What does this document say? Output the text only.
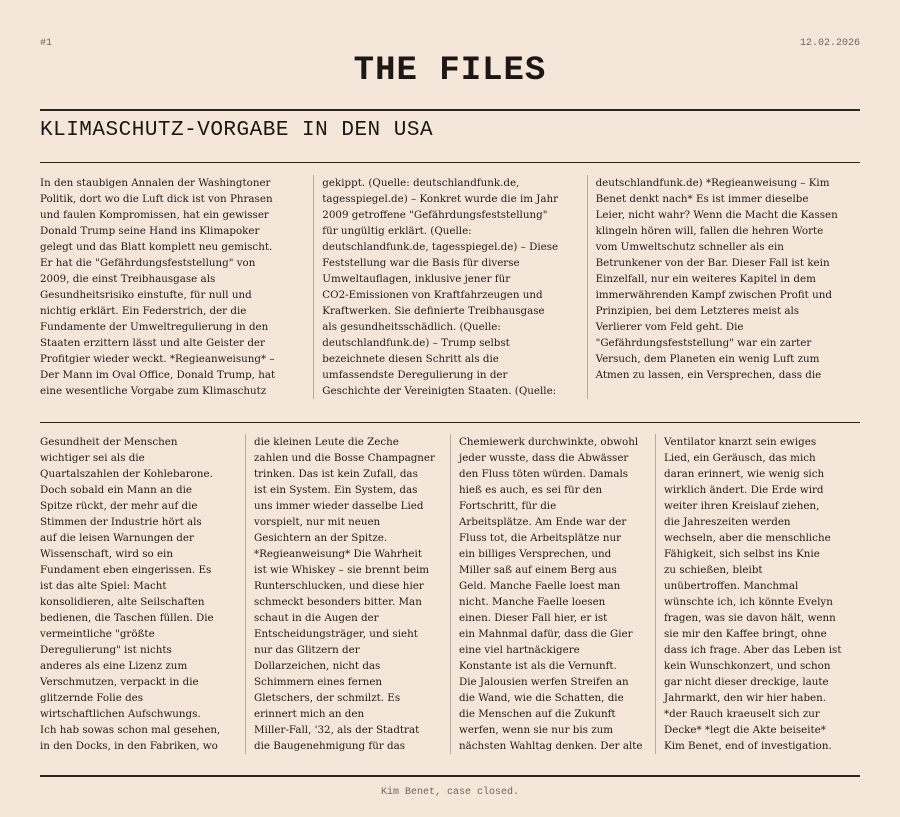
#1	12.02.2026
THE FILES
KLIMASCHUTZ-VORGABE IN DEN USA
In den staubigen Annalen der Washingtoner
Politik, dort wo die Luft dick ist von Phrasen
und faulen Kompromissen, hat ein gewisser
Donald Trump seine Hand ins Klimapoker
gelegt und das Blatt komplett neu gemischt.
Er hat die "Gefährdungsfeststellung" von
2009, die einst Treibhausgase als
Gesundheitsrisiko einstufte, für null und
nichtig erklärt. Ein Federstrich, der die
Fundamente der Umweltregulierung in den
Staaten erzittern lässt und alte Geister der
Profitgier wieder weckt. *Regieanweisung* –
Der Mann im Oval Office, Donald Trump, hat
eine wesentliche Vorgabe zum Klimaschutz
gekippt. (Quelle: deutschlandfunk.de,
tagesspiegel.de) – Konkret wurde die im Jahr
2009 getroffene "Gefährdungsfeststellung"
für ungültig erklärt. (Quelle:
deutschlandfunk.de, tagesspiegel.de) – Diese
Feststellung war die Basis für diverse
Umweltauflagen, inklusive jener für
CO2-Emissionen von Kraftfahrzeugen und
Kraftwerken. Sie definierte Treibhausgase
als gesundheitsschädlich. (Quelle:
deutschlandfunk.de) – Trump selbst
bezeichnete diesen Schritt als die
umfassendste Deregulierung in der
Geschichte der Vereinigten Staaten. (Quelle:
deutschlandfunk.de) *Regieanweisung – Kim
Benet denkt nach* Es ist immer dieselbe
Leier, nicht wahr? Wenn die Macht die Kassen
klingeln hören will, fallen die hehren Worte
vom Umweltschutz schneller als ein
Betrunkener von der Bar. Dieser Fall ist kein
Einzelfall, nur ein weiteres Kapitel in dem
immerwährenden Kampf zwischen Profit und
Prinzipien, bei dem Letzteres meist als
Verlierer vom Feld geht. Die
"Gefährdungsfeststellung" war ein zarter
Versuch, dem Planeten ein wenig Luft zum
Atmen zu lassen, ein Versprechen, dass die
Gesundheit der Menschen
wichtiger sei als die
Quartalszahlen der Kohlebarone.
Doch sobald ein Mann an die
Spitze rückt, der mehr auf die
Stimmen der Industrie hört als
auf die leisen Warnungen der
Wissenschaft, wird so ein
Fundament eben eingerissen. Es
ist das alte Spiel: Macht
konsolidieren, alte Seilschaften
bedienen, die Taschen füllen. Die
vermeintliche "größte
Deregulierung" ist nichts
anderes als eine Lizenz zum
Verschmutzen, verpackt in die
glitzernde Folie des
wirtschaftlichen Aufschwungs.
Ich hab sowas schon mal gesehen,
in den Docks, in den Fabriken, wo
die kleinen Leute die Zeche
zahlen und die Bosse Champagner
trinken. Das ist kein Zufall, das
ist ein System. Ein System, das
uns immer wieder dasselbe Lied
vorspielt, nur mit neuen
Gesichtern an der Spitze.
*Regieanweisung* Die Wahrheit
ist wie Whiskey – sie brennt beim
Runterschlucken, und diese hier
schmeckt besonders bitter. Man
schaut in die Augen der
Entscheidungsträger, und sieht
nur das Glitzern der
Dollarzeichen, nicht das
Schimmern eines fernen
Gletschers, der schmilzt. Es
erinnert mich an den
Miller-Fall, '32, als der Stadtrat
die Baugenehmigung für das
Chemiewerk durchwinkte, obwohl
jeder wusste, dass die Abwässer
den Fluss töten würden. Damals
hieß es auch, es sei für den
Fortschritt, für die
Arbeitsplätze. Am Ende war der
Fluss tot, die Arbeitsplätze nur
ein billiges Versprechen, und
Miller saß auf einem Berg aus
Geld. Manche Faelle loest man
nicht. Manche Faelle loesen
einen. Dieser Fall hier, er ist
ein Mahnmal dafür, dass die Gier
eine viel hartnäckigere
Konstante ist als die Vernunft.
Die Jalousien werfen Streifen an
die Wand, wie die Schatten, die
die Menschen auf die Zukunft
werfen, wenn sie nur bis zum
nächsten Wahltag denken. Der alte
Ventilator knarzt sein ewiges
Lied, ein Geräusch, das mich
daran erinnert, wie wenig sich
wirklich ändert. Die Erde wird
weiter ihren Kreislauf ziehen,
die Jahreszeiten werden
wechseln, aber die menschliche
Fähigkeit, sich selbst ins Knie
zu schießen, bleibt
unübertroffen. Manchmal
wünschte ich, ich könnte Evelyn
fragen, was sie davon hält, wenn
sie mir den Kaffee bringt, ohne
dass ich frage. Aber das Leben ist
kein Wunschkonzert, und schon
gar nicht dieser dreckige, laute
Jahrmarkt, den wir hier haben.
*der Rauch kraeuselt sich zur
Decke* *legt die Akte beiseite*
Kim Benet, end of investigation.
Kim Benet, case closed.
